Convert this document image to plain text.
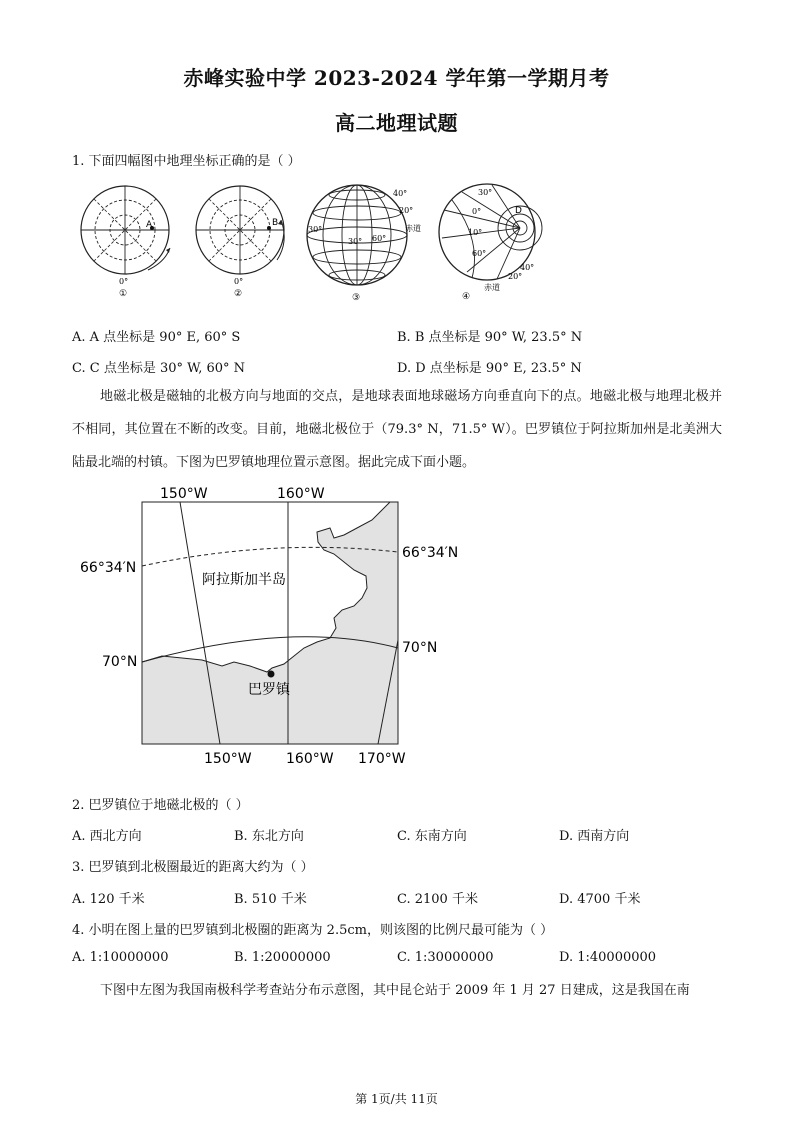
赤峰实验中学 2023-2024 学年第一学期月考
高二地理试题
1. 下面四幅图中地理坐标正确的是（ ）
A
0°
①
B
0°
②
40°
20°
赤道
30°
30° 60°
③
30°
0°
10°
60°
D
40°
20°
赤道
④
A. A 点坐标是 90° E, 60° S	B. B 点坐标是 90° W, 23.5° N
C. C 点坐标是 30° W, 60° N	D. D 点坐标是 90° E, 23.5° N

地磁北极是磁轴的北极方向与地面的交点，是地球表面地球磁场方向垂直向下的点。地磁北极与地理北极并不相同，其位置在不断的改变。目前，地磁北极位于（79.3° N，71.5° W）。巴罗镇位于阿拉斯加州是北美洲大陆最北端的村镇。下图为巴罗镇地理位置示意图。据此完成下面小题。

150°W	160°W
66°34′N
66°34′N
阿拉斯加半岛
70°N
70°N
巴罗镇
150°W 160°W 170°W
2. 巴罗镇位于地磁北极的（ ）
A. 西北方向	B. 东北方向	C. 东南方向	D. 西南方向
3. 巴罗镇到北极圈最近的距离大约为（ ）
A. 120 千米	B. 510 千米	C. 2100 千米	D. 4700 千米
4. 小明在图上量的巴罗镇到北极圈的距离为 2.5cm，则该图的比例尺最可能为（ ）
A. 1:10000000	B. 1:20000000	C. 1:30000000	D. 1:40000000

下图中左图为我国南极科学考查站分布示意图，其中昆仑站于 2009 年 1 月 27 日建成，这是我国在南

第 1页/共 11页
